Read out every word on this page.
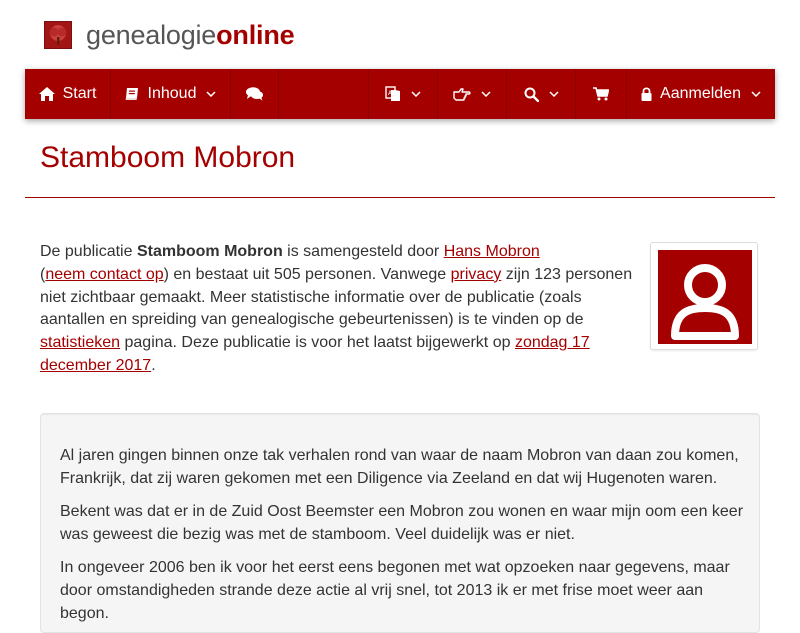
genealogieonline
Start	Inhoud	A	Aanmelden
Stamboom Mobron
De publicatie Stamboom Mobron is samengesteld door Hans Mobron
(neem contact op) en bestaat uit 505 personen. Vanwege privacy zijn 123 personen niet zichtbaar gemaakt. Meer statistische informatie over de publicatie (zoals aantallen en spreiding van genealogische gebeurtenissen) is te vinden op de statistieken pagina. Deze publicatie is voor het laatst bijgewerkt op zondag 17 december 2017.

Al jaren gingen binnen onze tak verhalen rond van waar de naam Mobron van daan zou komen, Frankrijk, dat zij waren gekomen met een Diligence via Zeeland en dat wij Hugenoten waren.

Bekent was dat er in de Zuid Oost Beemster een Mobron zou wonen en waar mijn oom een keer was geweest die bezig was met de stamboom. Veel duidelijk was er niet.

In ongeveer 2006 ben ik voor het eerst eens begonen met wat opzoeken naar gegevens, maar door omstandigheden strande deze actie al vrij snel, tot 2013 ik er met frise moet weer aan begon.
